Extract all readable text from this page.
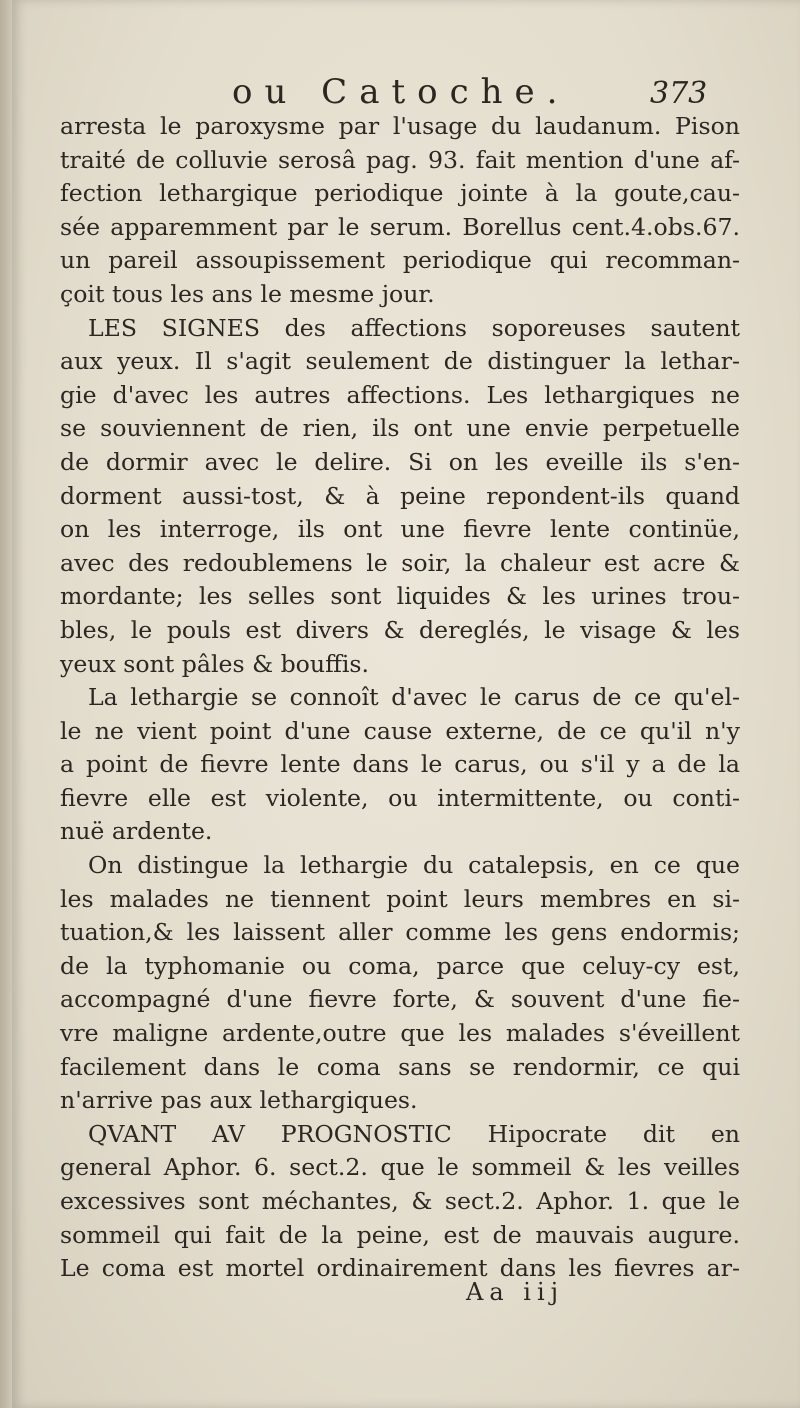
ou Catoche.	373
arresta le paroxysme par l'usage du laudanum. Pison
traité de colluvie serosâ pag. 93. fait mention d'une af-
fection lethargique periodique jointe à la goute,cau-
sée apparemment par le serum. Borellus cent.4.obs.67.
un pareil assoupissement periodique qui recomman-
çoit tous les ans le mesme jour.
LES SIGNES des affections soporeuses sautent
aux yeux. Il s'agit seulement de distinguer la lethar-
gie d'avec les autres affections. Les lethargiques ne
se souviennent de rien, ils ont une envie perpetuelle
de dormir avec le delire. Si on les eveille ils s'en-
dorment aussi-tost, & à peine repondent-ils quand
on les interroge, ils ont une fievre lente continüe,
avec des redoublemens le soir, la chaleur est acre &
mordante; les selles sont liquides & les urines trou-
bles, le pouls est divers & dereglés, le visage & les
yeux sont pâles & bouffis.
La lethargie se connoît d'avec le carus de ce qu'el-
le ne vient point d'une cause externe, de ce qu'il n'y
a point de fievre lente dans le carus, ou s'il y a de la
fievre elle est violente, ou intermittente, ou conti-
nuë ardente.
On distingue la lethargie du catalepsis, en ce que
les malades ne tiennent point leurs membres en si-
tuation,& les laissent aller comme les gens endormis;
de la typhomanie ou coma, parce que celuy-cy est,
accompagné d'une fievre forte, & souvent d'une fie-
vre maligne ardente,outre que les malades s'éveillent
facilement dans le coma sans se rendormir, ce qui
n'arrive pas aux lethargiques.
QVANT AV PROGNOSTIC Hipocrate dit en
general Aphor. 6. sect.2. que le sommeil & les veilles
excessives sont méchantes, & sect.2. Aphor. 1. que le
sommeil qui fait de la peine, est de mauvais augure.
Le coma est mortel ordinairement dans les fievres ar-
Aa iij
